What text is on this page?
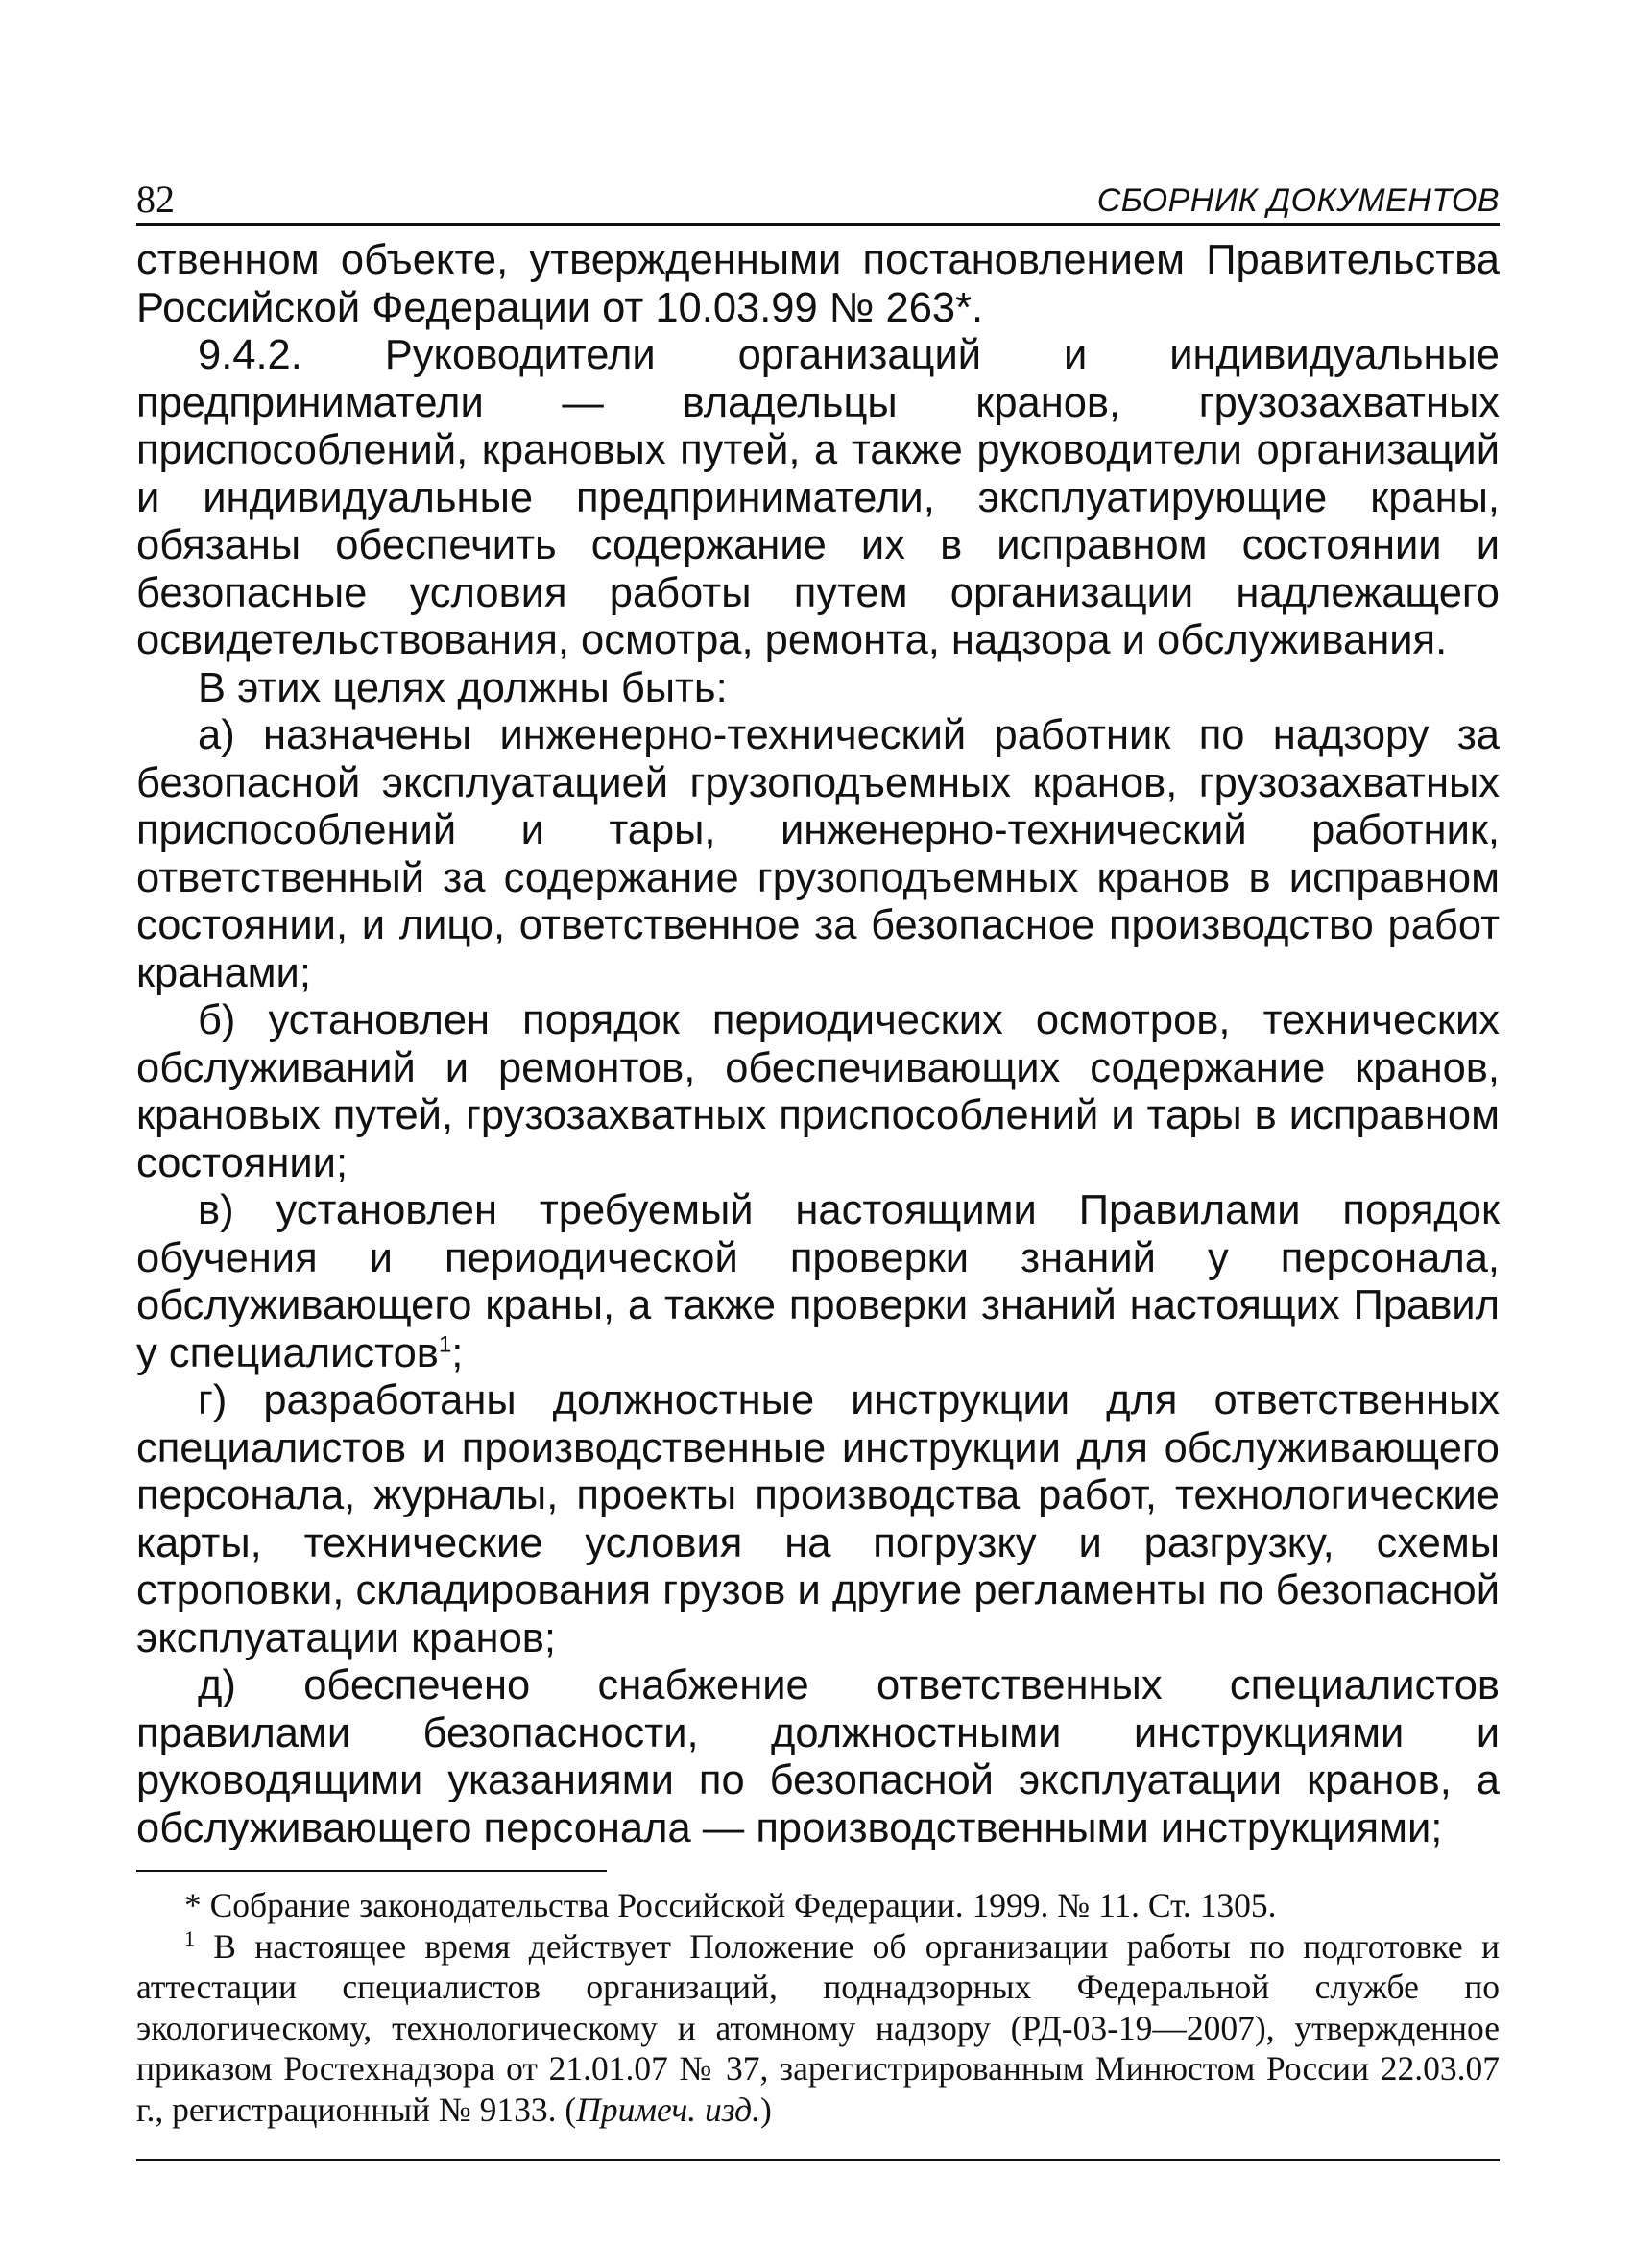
82	СБОРНИК ДОКУМЕНТОВ

ственном объекте, утвержденными постановлением Правительства Российской Федерации от 10.03.99 № 263*.

9.4.2. Руководители организаций и индивидуальные предприниматели — владельцы кранов, грузозахватных приспособлений, крановых путей, а также руководители организаций и индивидуальные предприниматели, эксплуатирующие краны, обязаны обеспечить содержание их в исправном состоянии и безопасные условия работы путем организации надлежащего освидетельствования, осмотра, ремонта, надзора и обслуживания.

В этих целях должны быть:

а) назначены инженерно-технический работник по надзору за безопасной эксплуатацией грузоподъемных кранов, грузозахватных приспособлений и тары, инженерно-технический работник, ответственный за содержание грузоподъемных кранов в исправном состоянии, и лицо, ответственное за безопасное производство работ кранами;

б) установлен порядок периодических осмотров, технических обслуживаний и ремонтов, обеспечивающих содержание кранов, крановых путей, грузозахватных приспособлений и тары в исправном состоянии;

в) установлен требуемый настоящими Правилами порядок обучения и периодической проверки знаний у персонала, обслуживающего краны, а также проверки знаний настоящих Правил у специалистов$^1$;

г) разработаны должностные инструкции для ответственных специалистов и производственные инструкции для обслуживающего персонала, журналы, проекты производства работ, технологические карты, технические условия на погрузку и разгрузку, схемы строповки, складирования грузов и другие регламенты по безопасной эксплуатации кранов;

д) обеспечено снабжение ответственных специалистов правилами безопасности, должностными инструкциями и руководящими указаниями по безопасной эксплуатации кранов, а обслуживающего персонала — производственными инструкциями;

* Собрание законодательства Российской Федерации. 1999. № 11. Ст. 1305.

$^1$ В настоящее время действует Положение об организации работы по подготовке и аттестации специалистов организаций, поднадзорных Федеральной службе по экологическому, технологическому и атомному надзору (РД-03-19—2007), утвержденное приказом Ростехнадзора от 21.01.07 № 37, зарегистрированным Минюстом России 22.03.07 г., регистрационный № 9133. (Примеч. изд.)
